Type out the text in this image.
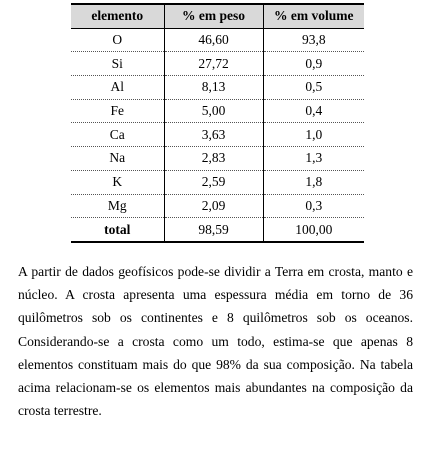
elemento	% em peso	% em volume
O	46,60	93,8
Si	27,72	0,9
Al	8,13	0,5
Fe	5,00	0,4
Ca	3,63	1,0
Na	2,83	1,3
K	2,59	1,8
Mg	2,09	0,3
total	98,59	100,00

A partir de dados geofísicos pode-se dividir a Terra em crosta, manto e núcleo. A crosta apresenta uma espessura média em torno de 36 quilômetros sob os continentes e 8 quilômetros sob os oceanos. Considerando-se a crosta como um todo, estima-se que apenas 8 elementos constituam mais do que 98% da sua composição. Na tabela acima relacionam-se os elementos mais abundantes na composição da crosta terrestre.
